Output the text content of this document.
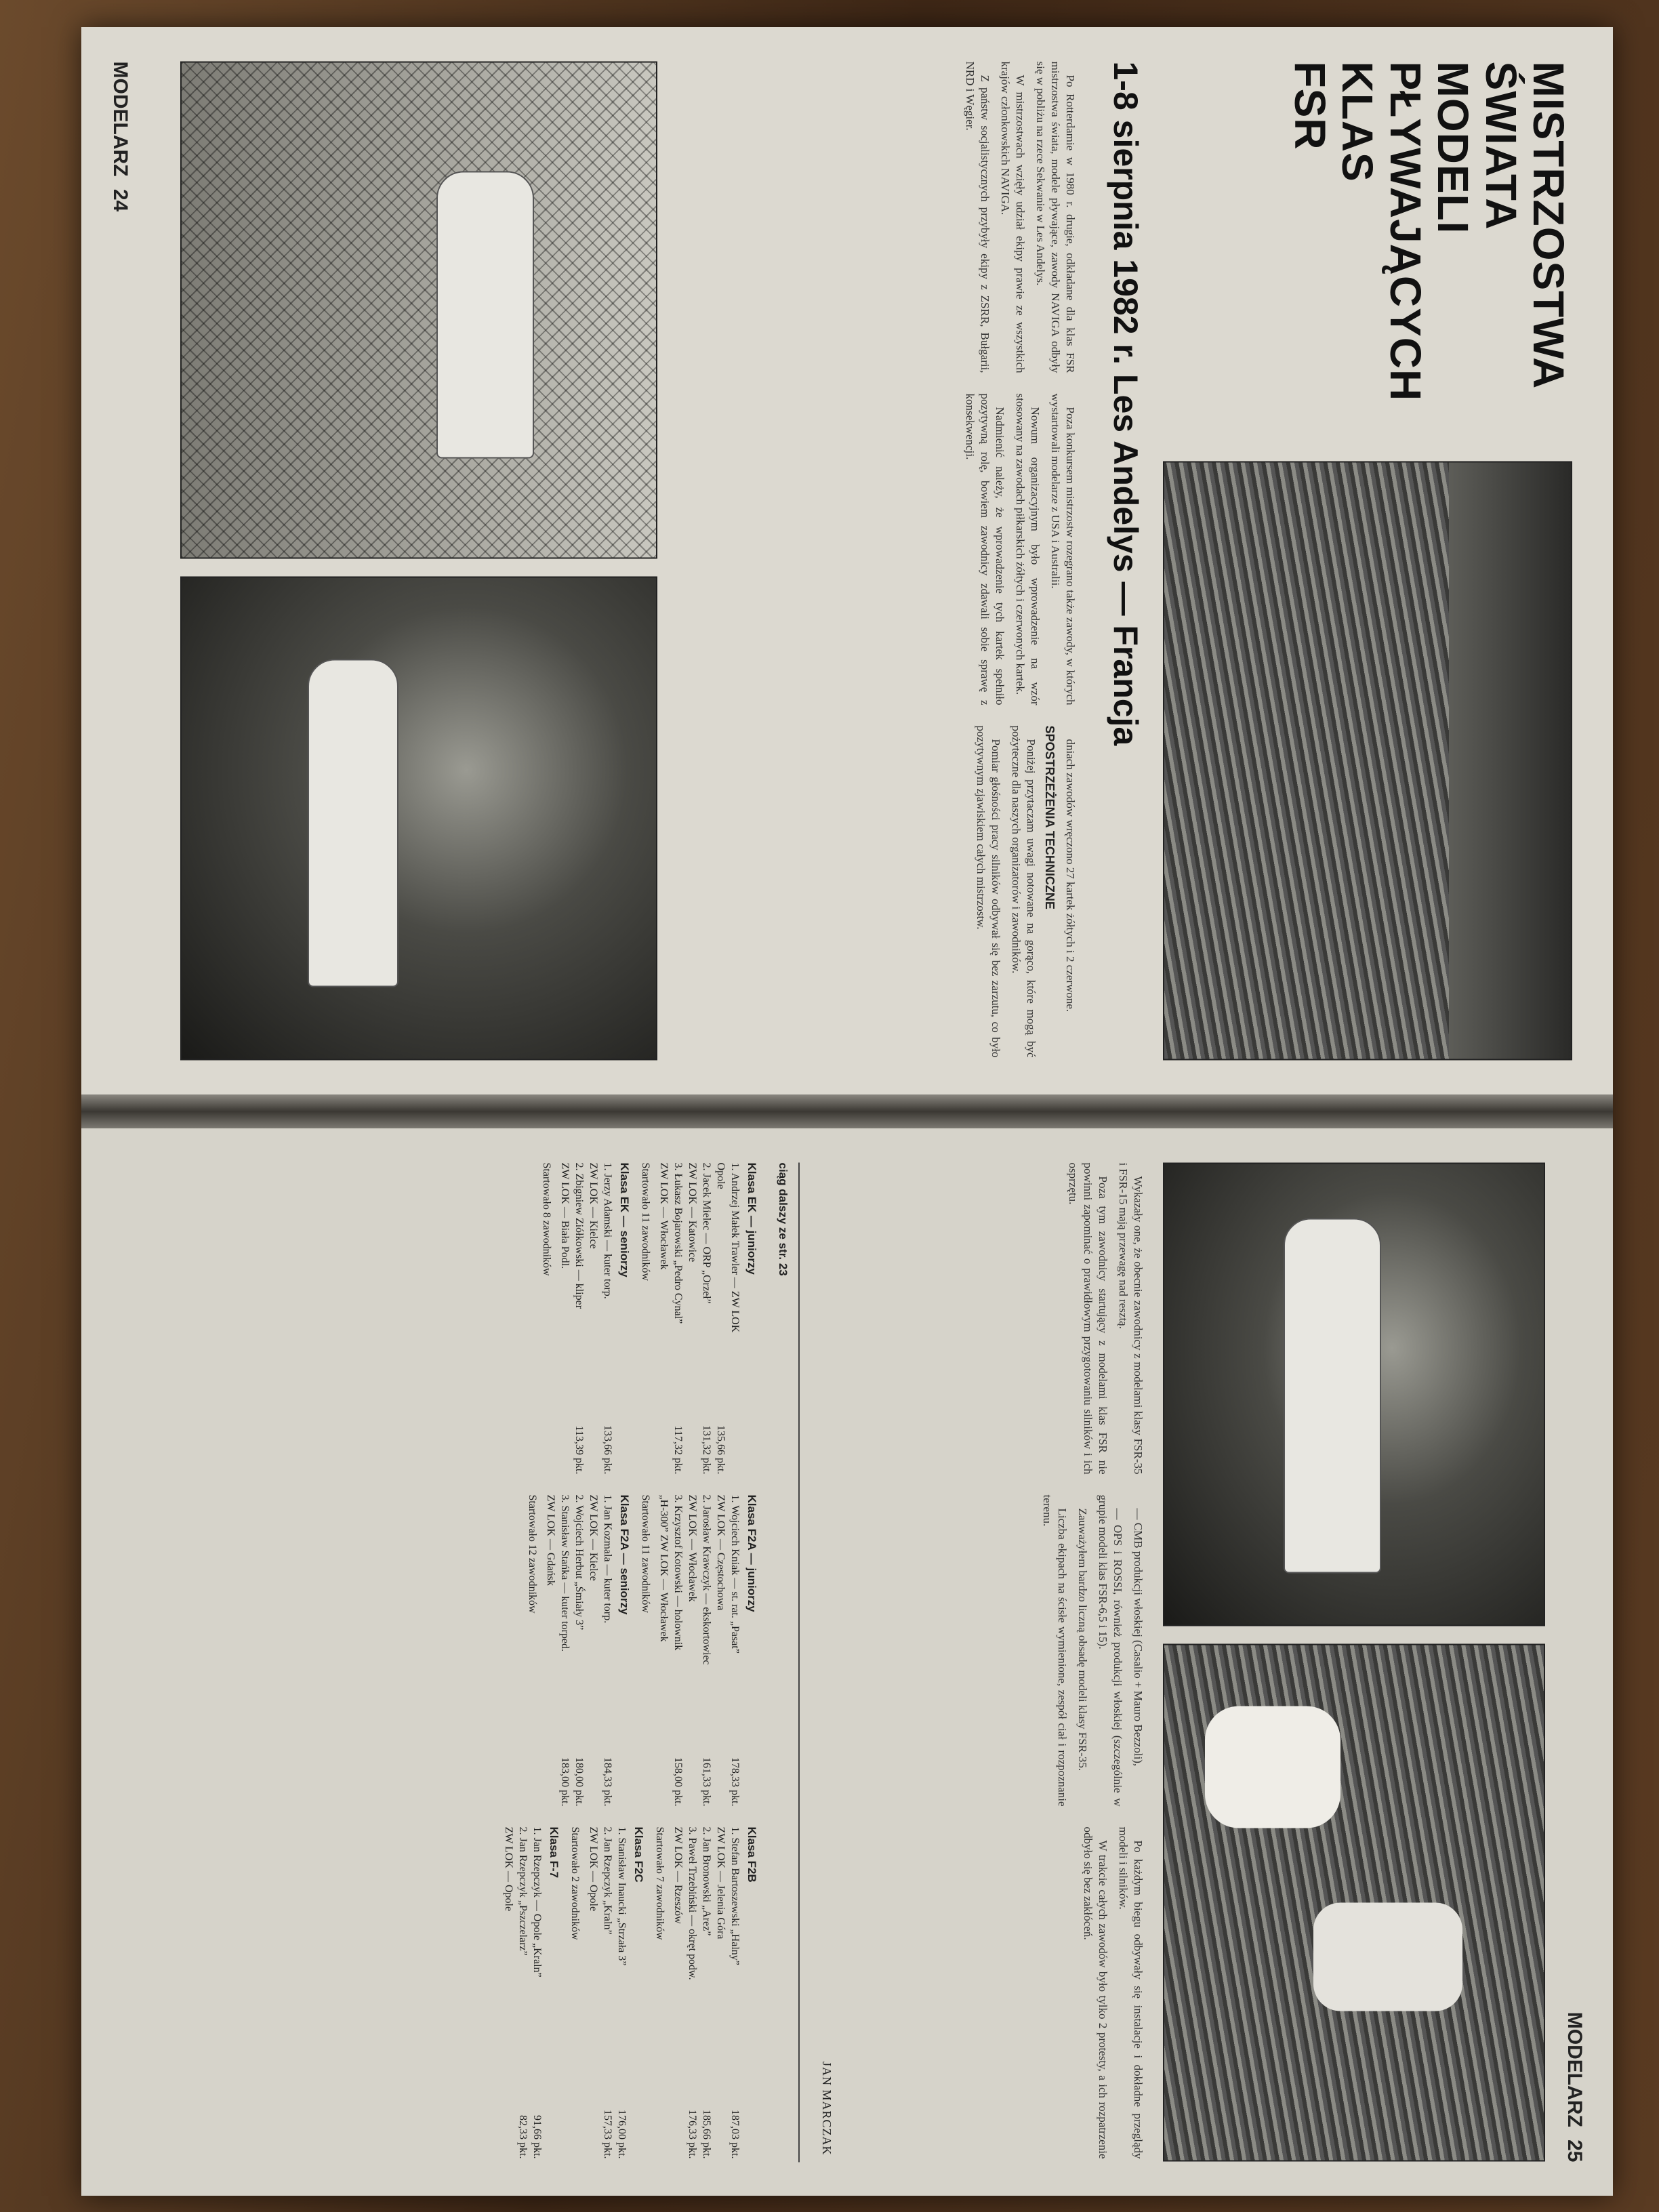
MODELARZ 24	MISTRZOSTWA
ŚWIATA
MODELI
PŁYWAJĄCYCH
KLAS
FSR
1-8 sierpnia 1982 r. Les Andelys — Francja

Po Rotterdamie w 1980 r. drugie, odkładane dla klas FSR mistrzostwa świata, modele pływające, zawody NAVIGA odbyły się w pobliżu na rzece Sekwanie w Les Andelys.

W mistrzostwach wzięły udział ekipy prawie ze wszystkich krajów członkowskich NAVIGA.

Z państw socjalistycznych przybyły ekipy z ZSRR, Bułgarii, NRD i Węgier.

Poza konkursem mistrzostw rozegrano także zawody, w których wystartowali modelarze z USA i Australii.

Nowum organizacyjnym było wprowadzenie na wzór stosowany na zawodach piłkarskich żółtych i czerwonych kartek.

Nadmienić należy, że wprowadzenie tych kartek spełniło pozytywną rolę, bowiem zawodnicy zdawali sobie sprawę z konsekwencji.

dniach zawodów wręczono 27 kartek żółtych i 2 czerwone.

SPOSTRZEŻENIA TECHNICZNE

Poniżej przytaczam uwagi notowane na gorąco, które mogą być pożyteczne dla naszych organizatorów i zawodników.

Pomiar głośności pracy silników odbywał się bez zarzutu, co było pozytywnym zjawiskiem całych mistrzostw.

MODELARZ 25

Wykazały one, że obecnie zawodnicy z modelami klasy FSR-35 i FSR-15 mają przewagę nad resztą.

Poza tym zawodnicy startujący z modelami klas FSR nie powinni zapominać o prawidłowym przygotowaniu silników i ich osprzętu.

— CMB produkcji włoskiej (Casalio + Mauro Bezzoli),

— OPS i ROSSI, również produkcji włoskiej (szczególnie w grupie modeli klas FSR-6,5 i 15).

Zauważyłem bardzo liczną obsadę modeli klasy FSR-35.

Liczba ekipach na ścisłe wymienione, zespół ciał i rozpoznanie terenu.

Po każdym biegu odbywały się instalacje i dokładne przeglądy modeli i silników.

W trakcie całych zawodów było tylko 2 protesty, a ich rozpatrzenie odbyło się bez zakłóceń.

JAN MARCZAK
ciąg dalszy ze str. 23
Klasa EK — juniorzy
1. Andrzej Małek Trawler — ZW LOK
Opole
135,66 pkt.
2. Jacek Mielec — ORP „Orzeł”
131,32 pkt.
ZW LOK — Katowice
3. Łukasz Bojarowski „Pedro Cynal”
117,32 pkt.
ZW LOK — Włocławek
Startowało 11 zawodników
Klasa EK — seniorzy
1. Jerzy Adamski — kuter torp.
133,66 pkt.
ZW LOK — Kielce
2. Zbigniew Ziółkowski — kliper
113,39 pkt.
ZW LOK — Biała Podl.
Startowało 8 zawodników
Klasa F2A — juniorzy
1. Wojciech Kniak — st. rat. „Pasat”
178,33 pkt.
ZW LOK — Częstochowa
2. Jarosław Krawczyk — ekskortowiec
161,33 pkt.
ZW LOK — Włocławek
3. Krzysztof Kotowski — holownik
158,00 pkt.
„H-300” ZW LOK — Włocławek
Startowało 11 zawodników
Klasa F2A — seniorzy
1. Jan Kozmala — kuter torp.
184,33 pkt.
ZW LOK — Kielce
2. Wojciech Herbut „Śmiały 3”
180,00 pkt.
3. Stanisław Stańka — kuter torped.
183,00 pkt.
ZW LOK — Gdańsk
Startowało 12 zawodników
Klasa F2B
1. Stefan Bartoszewski „Halny”
187,03 pkt.
ZW LOK — Jelenia Góra
2. Jan Bronowski „Arez”
185,66 pkt.
3. Paweł Trzebiński — okręt podw.
176,33 pkt.
ZW LOK — Rzeszów
Startowało 7 zawodników
Klasa F2C
1. Stanisław Inaucki „Strzała 3”
176,00 pkt.
2. Jan Rzepczyk „Kraln”
157,33 pkt.
ZW LOK — Opole
Startowało 2 zawodników
Klasa F-7
1. Jan Rzepczyk — Opole „Kraln”
91,66 pkt.
2. Jan Rzepczyk „Pszczelarz”
82,33 pkt.
ZW LOK — Opole
